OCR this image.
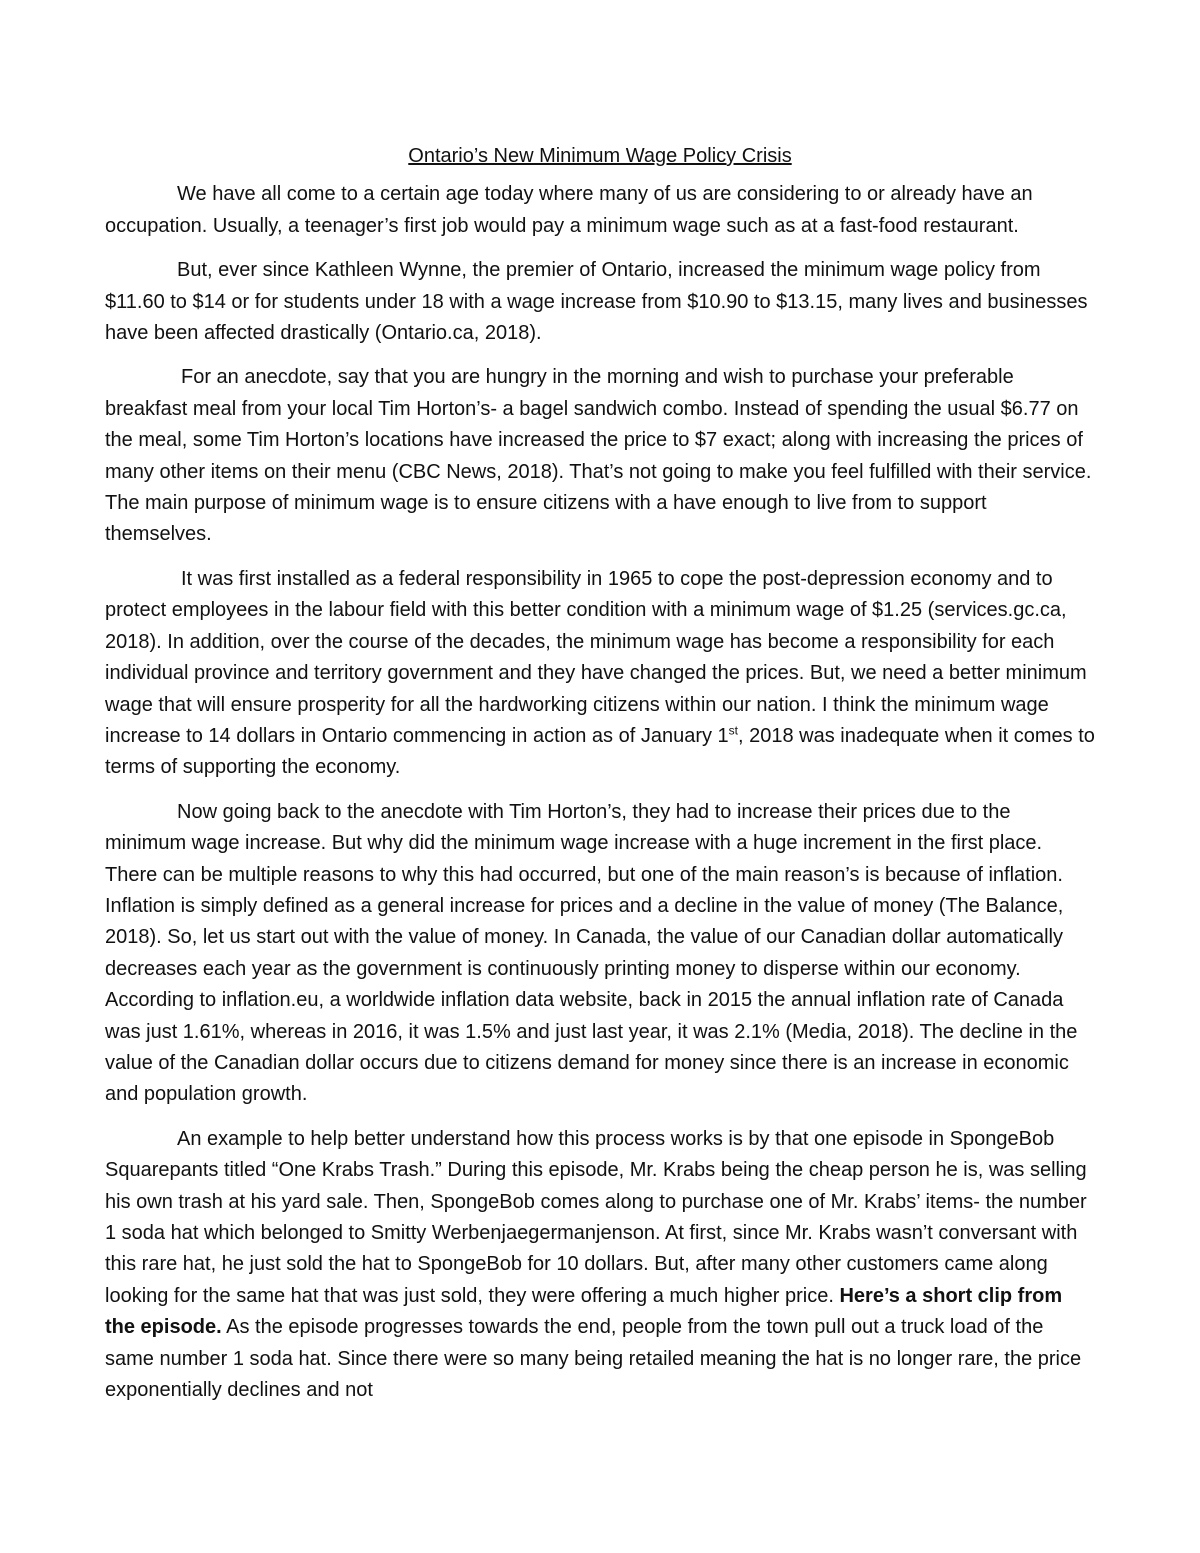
Ontario’s New Minimum Wage Policy Crisis

We have all come to a certain age today where many of us are considering to or already have an occupation. Usually, a teenager’s first job would pay a minimum wage such as at a fast-food restaurant.

But, ever since Kathleen Wynne, the premier of Ontario, increased the minimum wage policy from $11.60 to $14 or for students under 18 with a wage increase from $10.90 to $13.15, many lives and businesses have been affected drastically (Ontario.ca, 2018).

For an anecdote, say that you are hungry in the morning and wish to purchase your preferable breakfast meal from your local Tim Horton’s- a bagel sandwich combo. Instead of spending the usual $6.77 on the meal, some Tim Horton’s locations have increased the price to $7 exact; along with increasing the prices of many other items on their menu (CBC News, 2018). That’s not going to make you feel fulfilled with their service. The main purpose of minimum wage is to ensure citizens with a have enough to live from to support themselves.

It was first installed as a federal responsibility in 1965 to cope the post-depression economy and to protect employees in the labour field with this better condition with a minimum wage of $1.25 (services.gc.ca, 2018). In addition, over the course of the decades, the minimum wage has become a responsibility for each individual province and territory government and they have changed the prices. But, we need a better minimum wage that will ensure prosperity for all the hardworking citizens within our nation. I think the minimum wage increase to 14 dollars in Ontario commencing in action as of January 1st, 2018 was inadequate when it comes to terms of supporting the economy.

Now going back to the anecdote with Tim Horton’s, they had to increase their prices due to the minimum wage increase. But why did the minimum wage increase with a huge increment in the first place. There can be multiple reasons to why this had occurred, but one of the main reason’s is because of inflation. Inflation is simply defined as a general increase for prices and a decline in the value of money (The Balance, 2018). So, let us start out with the value of money. In Canada, the value of our Canadian dollar automatically decreases each year as the government is continuously printing money to disperse within our economy. According to inflation.eu, a worldwide inflation data website, back in 2015 the annual inflation rate of Canada was just 1.61%, whereas in 2016, it was 1.5% and just last year, it was 2.1% (Media, 2018). The decline in the value of the Canadian dollar occurs due to citizens demand for money since there is an increase in economic and population growth.

An example to help better understand how this process works is by that one episode in SpongeBob Squarepants titled “One Krabs Trash.” During this episode, Mr. Krabs being the cheap person he is, was selling his own trash at his yard sale. Then, SpongeBob comes along to purchase one of Mr. Krabs’ items- the number 1 soda hat which belonged to Smitty Werbenjaegermanjenson. At first, since Mr. Krabs wasn’t conversant with this rare hat, he just sold the hat to SpongeBob for 10 dollars. But, after many other customers came along looking for the same hat that was just sold, they were offering a much higher price. Here’s a short clip from the episode. As the episode progresses towards the end, people from the town pull out a truck load of the same number 1 soda hat. Since there were so many being retailed meaning the hat is no longer rare, the price exponentially declines and not
